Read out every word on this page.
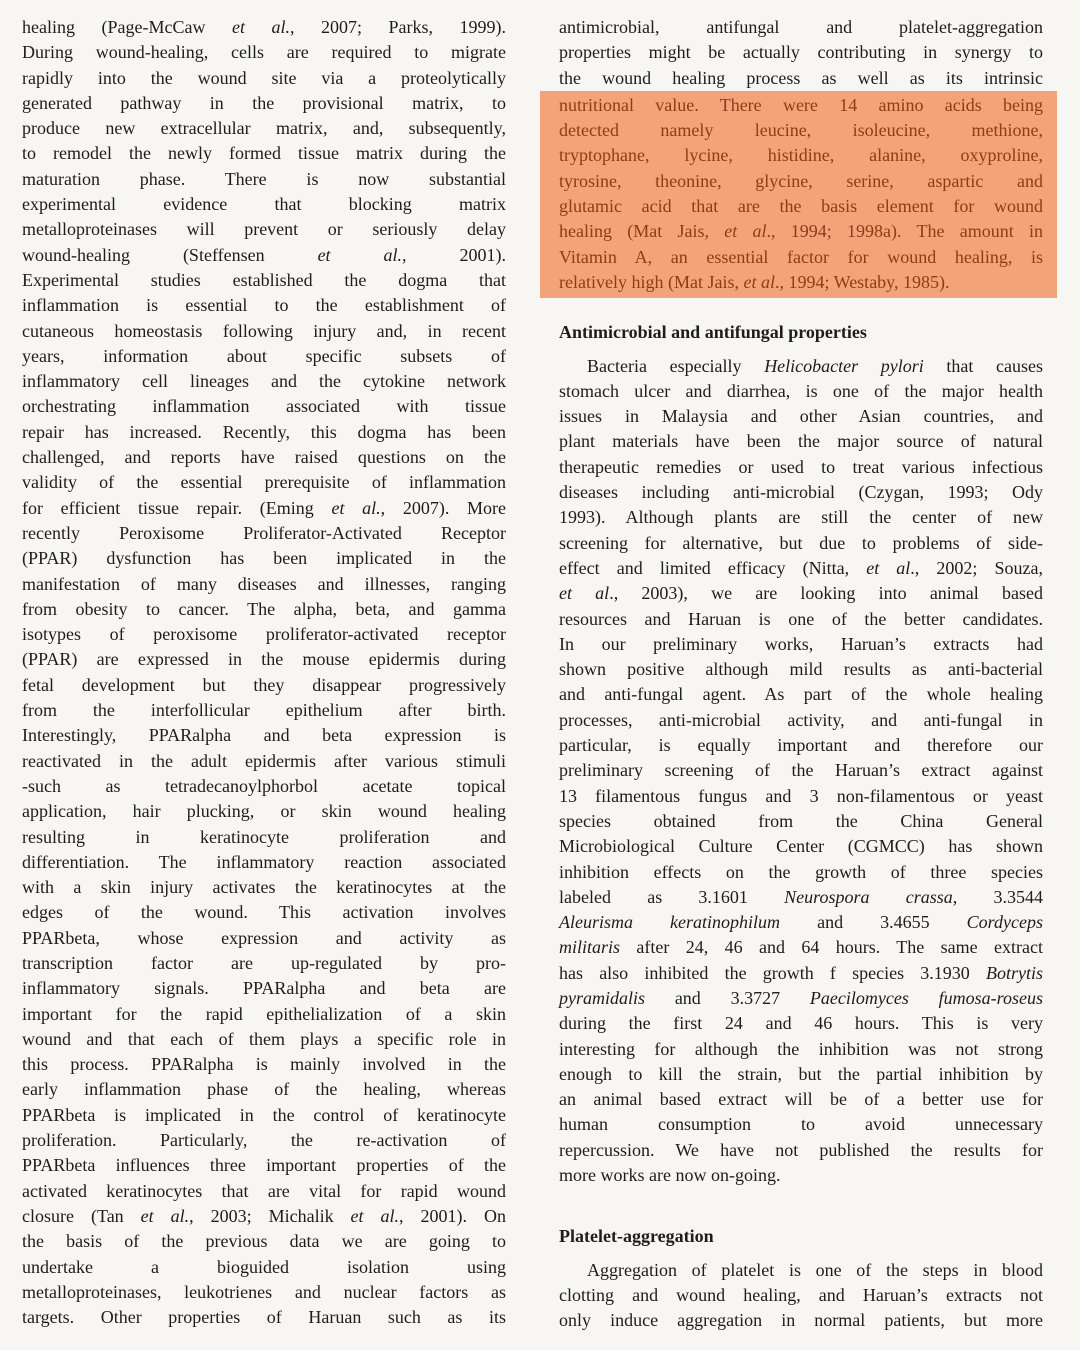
healing (Page-McCaw et al., 2007; Parks, 1999).
During wound-healing, cells are required to migrate
rapidly into the wound site via a proteolytically
generated pathway in the provisional matrix, to
produce new extracellular matrix, and, subsequently,
to remodel the newly formed tissue matrix during the
maturation phase. There is now substantial
experimental evidence that blocking matrix
metalloproteinases will prevent or seriously delay
wound-healing (Steffensen et al., 2001).
Experimental studies established the dogma that
inflammation is essential to the establishment of
cutaneous homeostasis following injury and, in recent
years, information about specific subsets of
inflammatory cell lineages and the cytokine network
orchestrating inflammation associated with tissue
repair has increased. Recently, this dogma has been
challenged, and reports have raised questions on the
validity of the essential prerequisite of inflammation
for efficient tissue repair. (Eming et al., 2007). More
recently Peroxisome Proliferator-Activated Receptor
(PPAR) dysfunction has been implicated in the
manifestation of many diseases and illnesses, ranging
from obesity to cancer. The alpha, beta, and gamma
isotypes of peroxisome proliferator-activated receptor
(PPAR) are expressed in the mouse epidermis during
fetal development but they disappear progressively
from the interfollicular epithelium after birth.
Interestingly, PPARalpha and beta expression is
reactivated in the adult epidermis after various stimuli
-such as tetradecanoylphorbol acetate topical
application, hair plucking, or skin wound healing
resulting in keratinocyte proliferation and
differentiation. The inflammatory reaction associated
with a skin injury activates the keratinocytes at the
edges of the wound. This activation involves
PPARbeta, whose expression and activity as
transcription factor are up-regulated by pro-
inflammatory signals. PPARalpha and beta are
important for the rapid epithelialization of a skin
wound and that each of them plays a specific role in
this process. PPARalpha is mainly involved in the
early inflammation phase of the healing, whereas
PPARbeta is implicated in the control of keratinocyte
proliferation. Particularly, the re-activation of
PPARbeta influences three important properties of the
activated keratinocytes that are vital for rapid wound
closure (Tan et al., 2003; Michalik et al., 2001). On
the basis of the previous data we are going to
undertake a bioguided isolation using
metalloproteinases, leukotrienes and nuclear factors as
targets. Other properties of Haruan such as its
antimicrobial, antifungal and platelet-aggregation
properties might be actually contributing in synergy to
the wound healing process as well as its intrinsic
nutritional value. There were 14 amino acids being
detected namely leucine, isoleucine, methione,
tryptophane, lycine, histidine, alanine, oxyproline,
tyrosine, theonine, glycine, serine, aspartic and
glutamic acid that are the basis element for wound
healing (Mat Jais, et al., 1994; 1998a). The amount in
Vitamin A, an essential factor for wound healing, is
relatively high (Mat Jais, et al., 1994; Westaby, 1985).
Antimicrobial and antifungal properties
Bacteria especially Helicobacter pylori that causes
stomach ulcer and diarrhea, is one of the major health
issues in Malaysia and other Asian countries, and
plant materials have been the major source of natural
therapeutic remedies or used to treat various infectious
diseases including anti-microbial (Czygan, 1993; Ody
1993). Although plants are still the center of new
screening for alternative, but due to problems of side-
effect and limited efficacy (Nitta, et al., 2002; Souza,
et al., 2003), we are looking into animal based
resources and Haruan is one of the better candidates.
In our preliminary works, Haruan’s extracts had
shown positive although mild results as anti-bacterial
and anti-fungal agent. As part of the whole healing
processes, anti-microbial activity, and anti-fungal in
particular, is equally important and therefore our
preliminary screening of the Haruan’s extract against
13 filamentous fungus and 3 non-filamentous or yeast
species obtained from the China General
Microbiological Culture Center (CGMCC) has shown
inhibition effects on the growth of three species
labeled as 3.1601 Neurospora crassa, 3.3544
Aleurisma keratinophilum and 3.4655 Cordyceps
militaris after 24, 46 and 64 hours. The same extract
has also inhibited the growth f species 3.1930 Botrytis
pyramidalis and 3.3727 Paecilomyces fumosa-roseus
during the first 24 and 46 hours. This is very
interesting for although the inhibition was not strong
enough to kill the strain, but the partial inhibition by
an animal based extract will be of a better use for
human consumption to avoid unnecessary
repercussion. We have not published the results for
more works are now on-going.
Platelet-aggregation
Aggregation of platelet is one of the steps in blood
clotting and wound healing, and Haruan’s extracts not
only induce aggregation in normal patients, but more
